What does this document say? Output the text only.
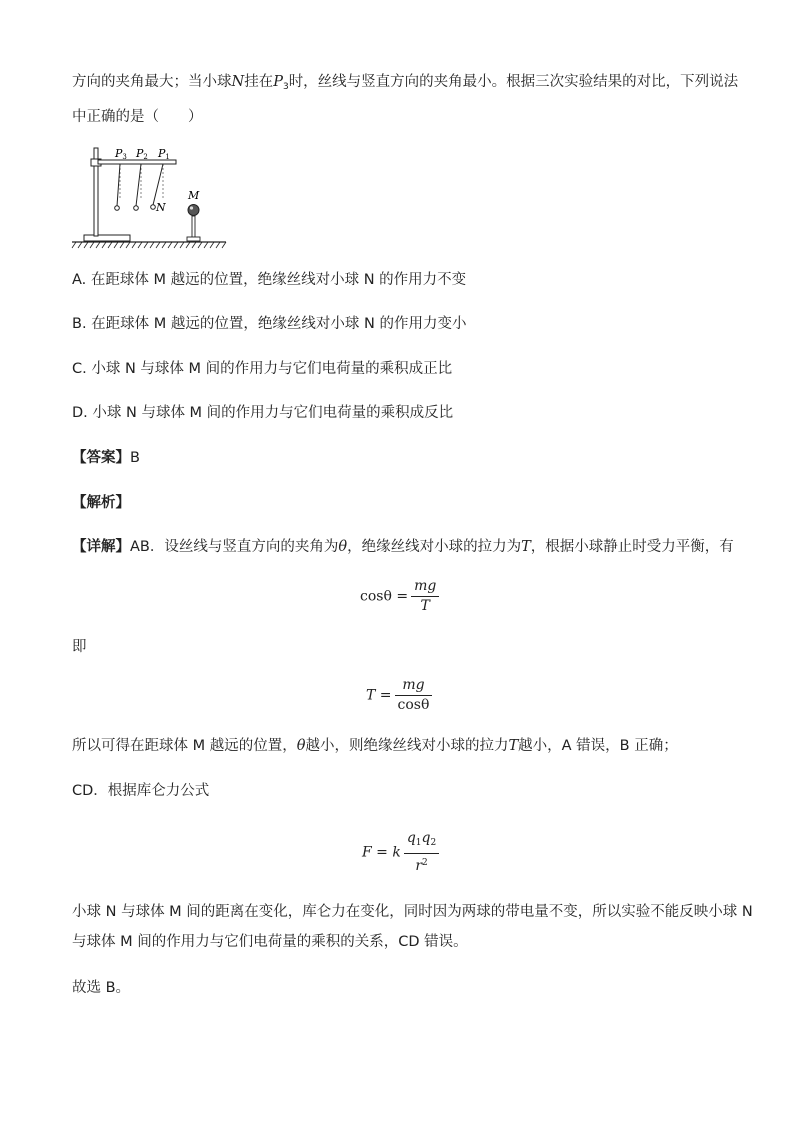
方向的夹角最大；当小球N挂在$P_3$时，丝线与竖直方向的夹角最小。根据三次实验结果的对比，下列说法
中正确的是（　　）
P3 P2 P1
M
N
A. 在距球体 M 越远的位置，绝缘丝线对小球 N 的作用力不变
B. 在距球体 M 越远的位置，绝缘丝线对小球 N 的作用力变小
C. 小球 N 与球体 M 间的作用力与它们电荷量的乘积成正比
D. 小球 N 与球体 M 间的作用力与它们电荷量的乘积成反比
【答案】B
【解析】
【详解】AB．设丝线与竖直方向的夹角为θ，绝缘丝线对小球的拉力为T，根据小球静止时受力平衡，有
$\cos\theta = \frac{mg}{T}$
即
$T = \frac{mg}{\cos\theta}$
所以可得在距球体 M 越远的位置，θ越小，则绝缘丝线对小球的拉力T越小，A 错误，B 正确；
CD．根据库仑力公式
F = k $\frac{q_1q_2}{r^2}$
小球 N 与球体 M 间的距离在变化，库仑力在变化，同时因为两球的带电量不变，所以实验不能反映小球 N
与球体 M 间的作用力与它们电荷量的乘积的关系，CD 错误。
故选 B。
